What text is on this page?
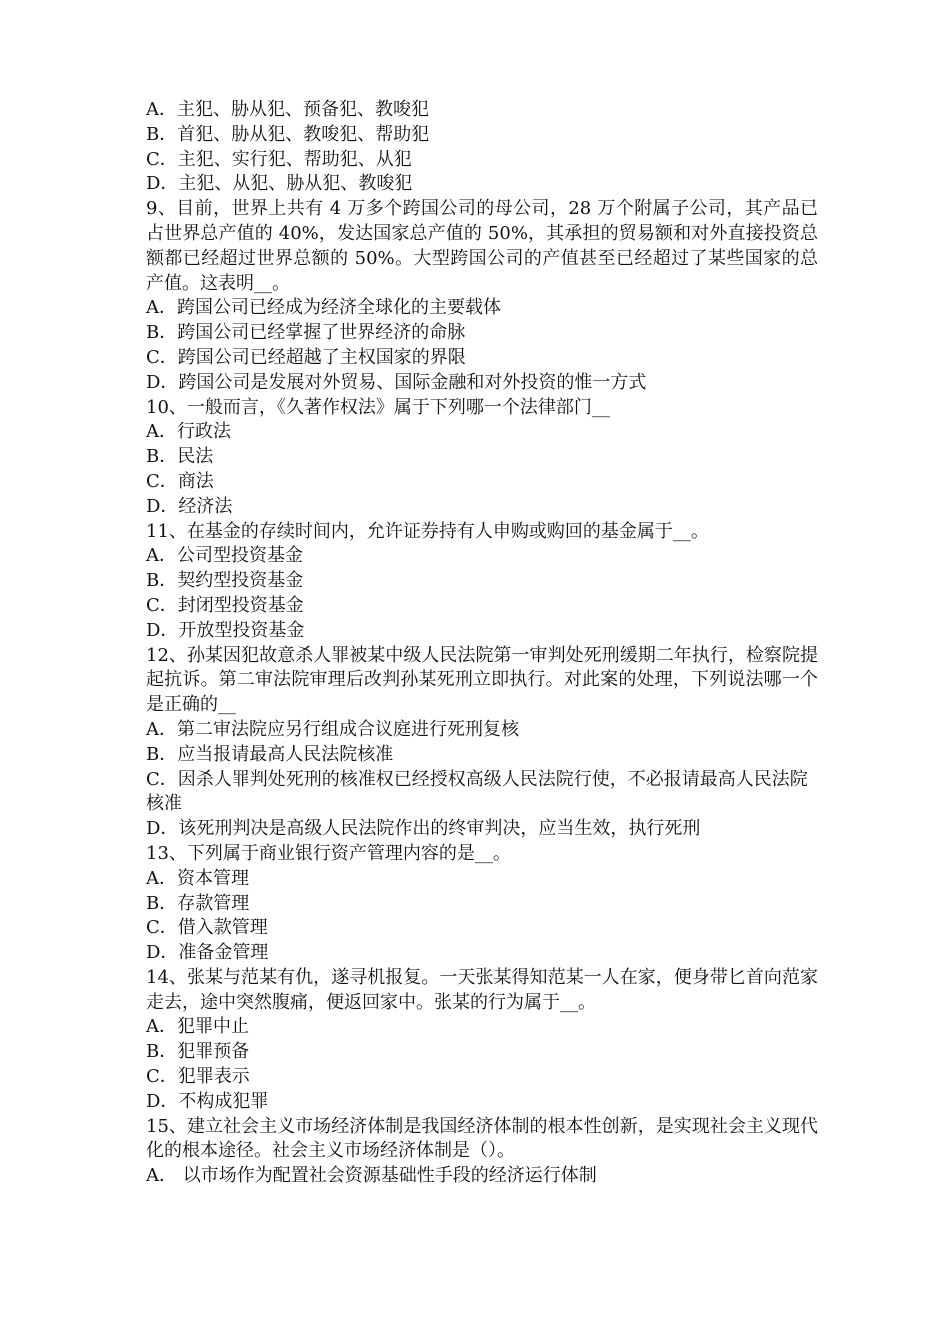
A．主犯、胁从犯、预备犯、教唆犯

B．首犯、胁从犯、教唆犯、帮助犯

C．主犯、实行犯、帮助犯、从犯

D．主犯、从犯、胁从犯、教唆犯

9、目前，世界上共有 4 万多个跨国公司的母公司，28 万个附属子公司，其产品已占世界总产值的 40%，发达国家总产值的 50%，其承担的贸易额和对外直接投资总额都已经超过世界总额的 50%。大型跨国公司的产值甚至已经超过了某些国家的总产值。这表明__。

A．跨国公司已经成为经济全球化的主要载体

B．跨国公司已经掌握了世界经济的命脉

C．跨国公司已经超越了主权国家的界限

D．跨国公司是发展对外贸易、国际金融和对外投资的惟一方式

10、一般而言，《久著作权法》属于下列哪一个法律部门__

A．行政法

B．民法

C．商法

D．经济法

11、在基金的存续时间内，允许证券持有人申购或购回的基金属于__。

A．公司型投资基金

B．契约型投资基金

C．封闭型投资基金

D．开放型投资基金

12、孙某因犯故意杀人罪被某中级人民法院第一审判处死刑缓期二年执行，检察院提起抗诉。第二审法院审理后改判孙某死刑立即执行。对此案的处理，下列说法哪一个是正确的__

A．第二审法院应另行组成合议庭进行死刑复核

B．应当报请最高人民法院核准

C．因杀人罪判处死刑的核准权已经授权高级人民法院行使，不必报请最高人民法院核准

D．该死刑判决是高级人民法院作出的终审判决，应当生效，执行死刑

13、下列属于商业银行资产管理内容的是__。

A．资本管理

B．存款管理

C．借入款管理

D．准备金管理

14、张某与范某有仇，遂寻机报复。一天张某得知范某一人在家，便身带匕首向范家走去，途中突然腹痛，便返回家中。张某的行为属于__。

A．犯罪中止

B．犯罪预备

C．犯罪表示

D．不构成犯罪

15、建立社会主义市场经济体制是我国经济体制的根本性创新，是实现社会主义现代化的根本途径。社会主义市场经济体制是（）。

A． 以市场作为配置社会资源基础性手段的经济运行体制
